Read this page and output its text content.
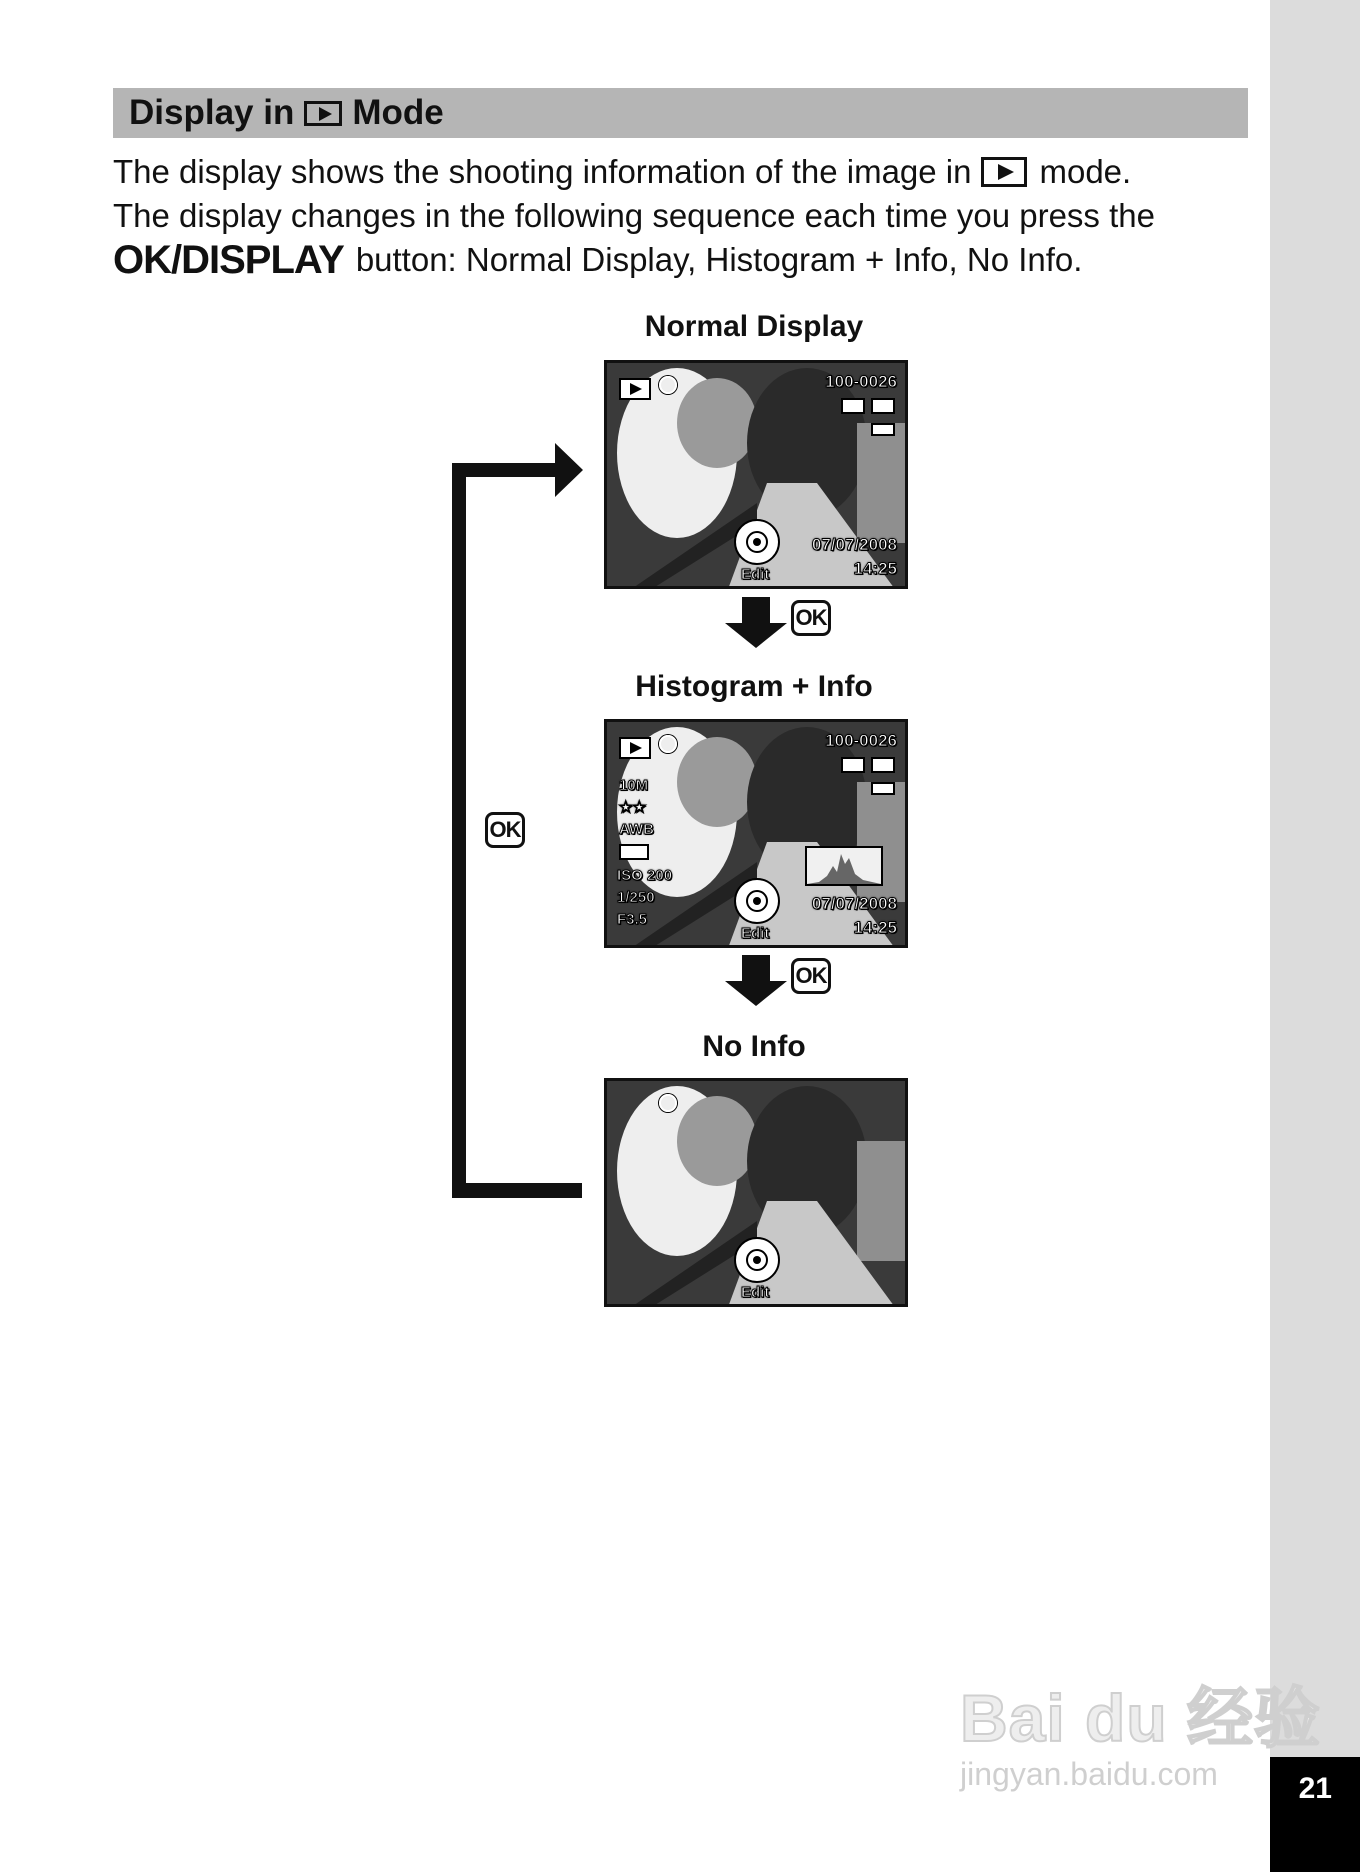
21
Display in Mode
The display shows the shooting information of the image in mode.
The display changes in the following sequence each time you press the
OK/DISPLAY button: Normal Display, Histogram + Info, No Info.
OK
OK
OK
Normal Display
100-0026
Edit
07/07/2008
14:25
Histogram + Info
100-0026
10M
★★
AWB
ISO 200
1/250
F3.5
Edit
07/07/2008
14:25
No Info
Edit
Bai du 经验
jingyan.baidu.com
